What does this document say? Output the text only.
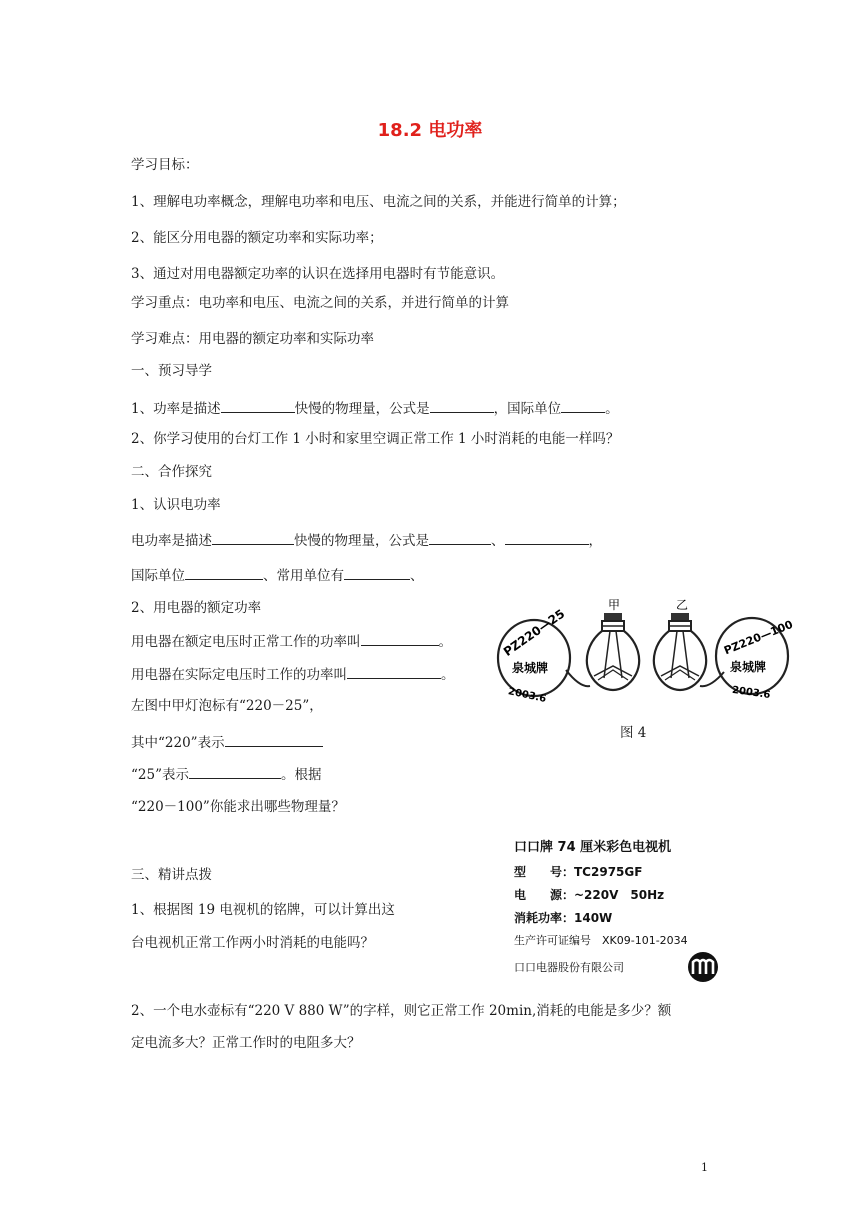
18.2 电功率
学习目标：
1、理解电功率概念，理解电功率和电压、电流之间的关系，并能进行简单的计算；
2、能区分用电器的额定功率和实际功率；
3、通过对用电器额定功率的认识在选择用电器时有节能意识。
学习重点：电功率和电压、电流之间的关系，并进行简单的计算
学习难点：用电器的额定功率和实际功率
一、预习导学
1、功率是描述	快慢的物理量，公式是	，国际单位	。
2、你学习使用的台灯工作 1 小时和家里空调正常工作 1 小时消耗的电能一样吗？
二、合作探究
1、认识电功率
电功率是描述	快慢的物理量，公式是	、	，
国际单位	、常用单位有	、
2、用电器的额定功率
用电器在额定电压时正常工作的功率叫	。
用电器在实际定电压时工作的功率叫	。
左图中甲灯泡标有“220－25”，
其中“220”表示
“25”表示	。根据
“220－100”你能求出哪些物理量？
三、精讲点拨
1、根据图 19 电视机的铭牌，可以计算出这
台电视机正常工作两小时消耗的电能吗？
2、一个电水壶标有“220 V 880 W”的字样，则它正常工作 20min,消耗的电能是多少？额
定电流多大？正常工作时的电阻多大？
PZ220—25
泉城牌
2003.6
甲	乙
PZ220—100
泉城牌
2003.6
图 4
口口牌 74 厘米彩色电视机
型　　号：TC2975GF
电　　源：~220V　50Hz
消耗功率：140W
生产许可证编号　XK09-101-2034
口口电器股份有限公司
1
